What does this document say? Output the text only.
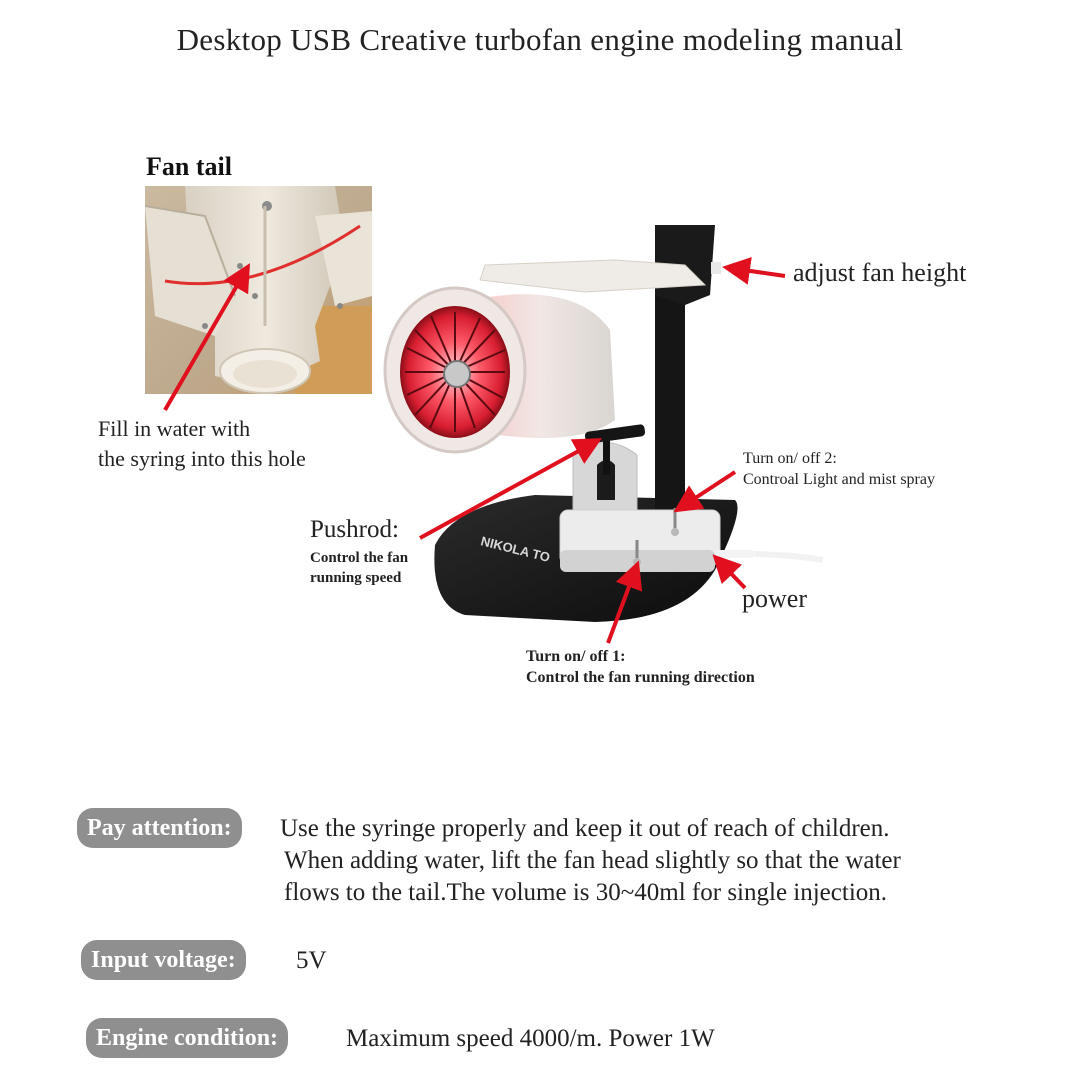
Desktop USB Creative turbofan engine modeling manual
Fan tail
NIKOLA TO
Fill in water with
the syring into this hole
adjust fan height
Turn on/ off 2:
Controal Light and mist spray
Pushrod:
Control the fan
running speed
power
Turn on/ off 1:
Control the fan running direction
Pay attention:	Use the syringe properly and keep it out of reach of children.
When adding water, lift the fan head slightly so that the water
flows to the tail.The volume is 30~40ml for single injection.
Input voltage:	5V
Engine condition:	Maximum speed 4000/m. Power 1W
